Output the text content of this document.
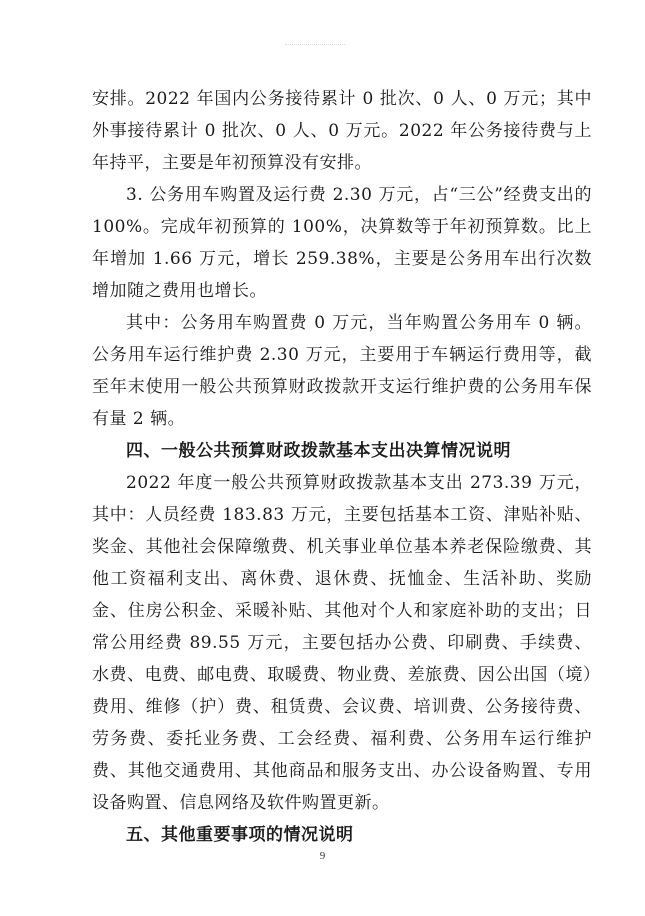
安排。2022 年国内公务接待累计 0 批次、0 人、0 万元；其中外事接待累计 0 批次、0 人、0 万元。2022 年公务接待费与上年持平，主要是年初预算没有安排。

3. 公务用车购置及运行费 2.30 万元，占“三公”经费支出的 100%。完成年初预算的 100%，决算数等于年初预算数。比上年增加 1.66 万元，增长 259.38%，主要是公务用车出行次数增加随之费用也增长。

其中：公务用车购置费 0 万元，当年购置公务用车 0 辆。公务用车运行维护费 2.30 万元，主要用于车辆运行费用等，截至年末使用一般公共预算财政拨款开支运行维护费的公务用车保有量 2 辆。

四、一般公共预算财政拨款基本支出决算情况说明

2022 年度一般公共预算财政拨款基本支出 273.39 万元，其中：人员经费 183.83 万元，主要包括基本工资、津贴补贴、奖金、其他社会保障缴费、机关事业单位基本养老保险缴费、其他工资福利支出、离休费、退休费、抚恤金、生活补助、奖励金、住房公积金、采暖补贴、其他对个人和家庭补助的支出；日常公用经费 89.55 万元，主要包括办公费、印刷费、手续费、水费、电费、邮电费、取暖费、物业费、差旅费、因公出国（境）费用、维修（护）费、租赁费、会议费、培训费、公务接待费、劳务费、委托业务费、工会经费、福利费、公务用车运行维护费、其他交通费用、其他商品和服务支出、办公设备购置、专用设备购置、信息网络及软件购置更新。

五、其他重要事项的情况说明

9
